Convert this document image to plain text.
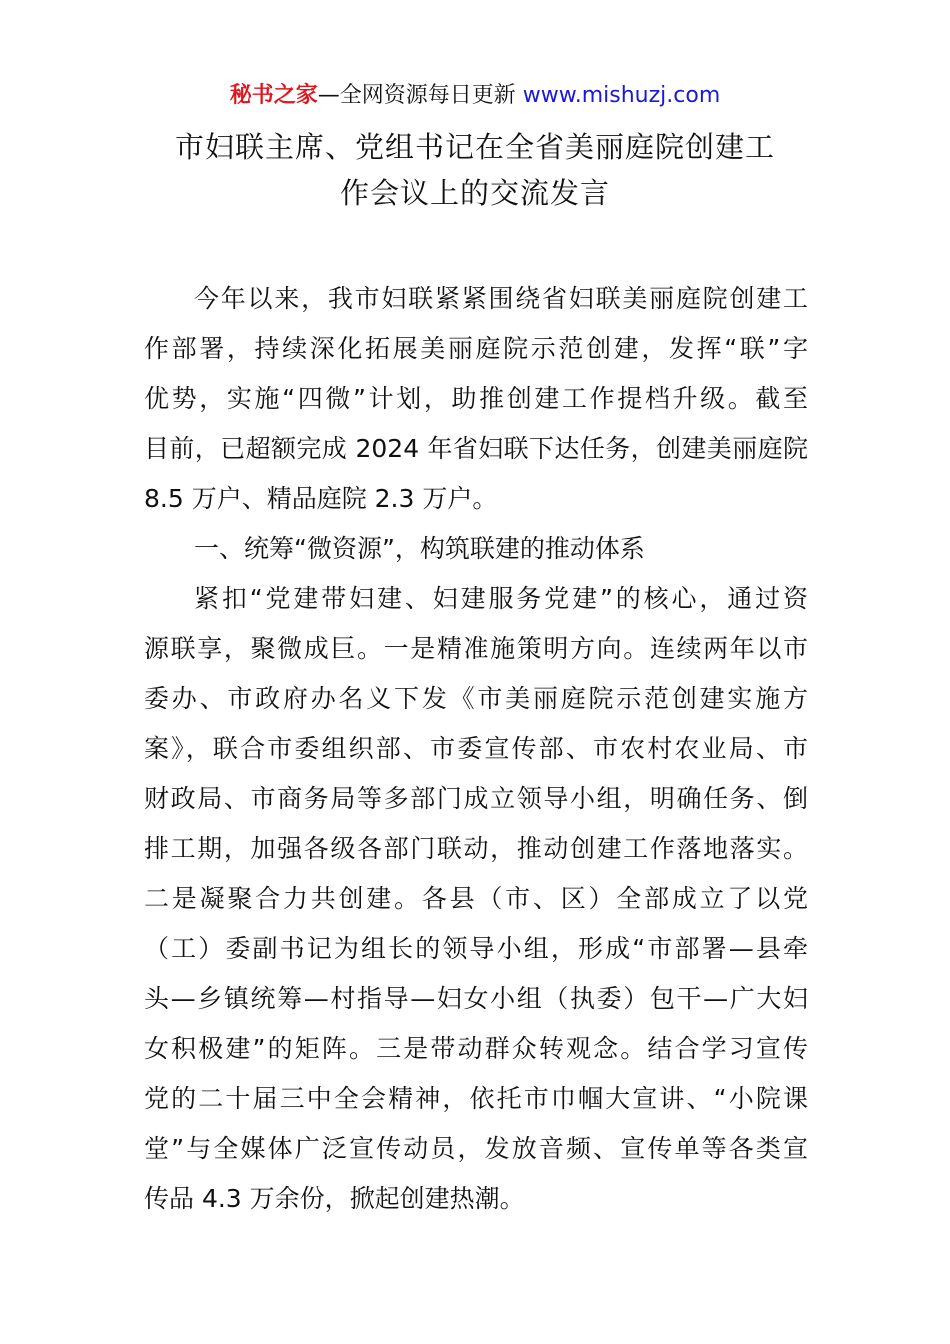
秘书之家—全网资源每日更新 www.mishuzj.com
市妇联主席、党组书记在全省美丽庭院创建工
作会议上的交流发言
今年以来，我市妇联紧紧围绕省妇联美丽庭院创建工
作部署，持续深化拓展美丽庭院示范创建，发挥“联”字
优势，实施“四微”计划，助推创建工作提档升级。截至
目前，已超额完成 2024 年省妇联下达任务，创建美丽庭院
8.5 万户、精品庭院 2.3 万户。
一、统筹“微资源”，构筑联建的推动体系
紧扣“党建带妇建、妇建服务党建”的核心，通过资
源联享，聚微成巨。一是精准施策明方向。连续两年以市
委办、市政府办名义下发《市美丽庭院示范创建实施方
案》，联合市委组织部、市委宣传部、市农村农业局、市
财政局、市商务局等多部门成立领导小组，明确任务、倒
排工期，加强各级各部门联动，推动创建工作落地落实。
二是凝聚合力共创建。各县（市、区）全部成立了以党
（工）委副书记为组长的领导小组，形成“市部署—县牵
头—乡镇统筹—村指导—妇女小组（执委）包干—广大妇
女积极建”的矩阵。三是带动群众转观念。结合学习宣传
党的二十届三中全会精神，依托市巾帼大宣讲、“小院课
堂”与全媒体广泛宣传动员，发放音频、宣传单等各类宣
传品 4.3 万余份，掀起创建热潮。
